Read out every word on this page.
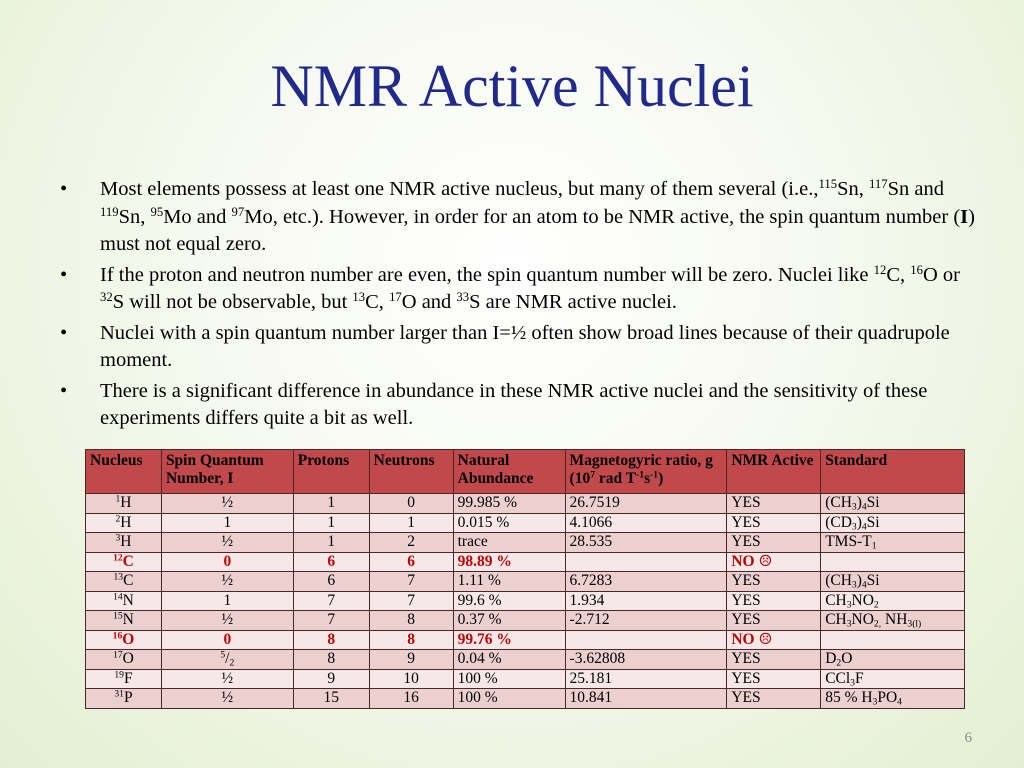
NMR Active Nuclei
• Most elements possess at least one NMR active nucleus, but many of them several (i.e.,$^{115}$Sn, $^{117}$Sn and $^{119}$Sn, $^{95}$Mo and $^{97}$Mo, etc.). However, in order for an atom to be NMR active, the spin quantum number (I) must not equal zero.
• If the proton and neutron number are even, the spin quantum number will be zero. Nuclei like $^{12}$C, $^{16}$O or $^{32}$S will not be observable, but $^{13}$C, $^{17}$O and $^{33}$S are NMR active nuclei.
• Nuclei with a spin quantum number larger than I=½ often show broad lines because of their quadrupole moment.
• There is a significant difference in abundance in these NMR active nuclei and the sensitivity of these experiments differs quite a bit as well.
Nucleus	Spin Quantum Number, I	Protons	Neutrons	Natural Abundance	Magnetogyric ratio, g ($10^7$ rad $T^{-1}s^{-1}$)	NMR Active	Standard
$^1$H	½	1	0	99.985 %	26.7519	YES	$(CH_3)_4Si$
$^2$H	1	1	1	0.015 %	4.1066	YES	$(CD_3)_4Si$
$^3$H	½	1	2	trace	28.535	YES	TMS-$T_1$
$^{12}$C	0	6	6	98.89 %		NO ☹	
$^{13}$C	½	6	7	1.11 %	6.7283	YES	$(CH_3)_4Si$
$^{14}$N	1	7	7	99.6 %	1.934	YES	$CH_3NO_2$
$^{15}$N	½	7	8	0.37 %	-2.712	YES	$CH_3NO_{2,}$ $NH_{3(l)}$
$^{16}$O	0	8	8	99.76 %		NO ☹	
$^{17}$O	$^5/_2$	8	9	0.04 %	-3.62808	YES	$D_2O$
$^{19}$F	½	9	10	100 %	25.181	YES	CCl$_3$F
$^{31}$P	½	15	16	100 %	10.841	YES	85 % $H_3PO_4$
6
